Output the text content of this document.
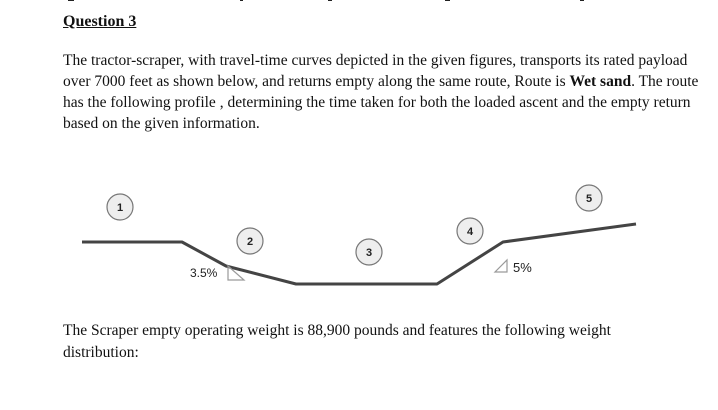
Question 3

The tractor-scraper, with travel-time curves depicted in the given figures, transports its rated payload over 7000 feet as shown below, and returns empty along the same route, Route is Wet sand. The route has the following profile , determining the time taken for both the loaded ascent and the empty return based on the given information.

1
2
3
4
5
3.5%	5%

The Scraper empty operating weight is 88,900 pounds and features the following weight distribution:
